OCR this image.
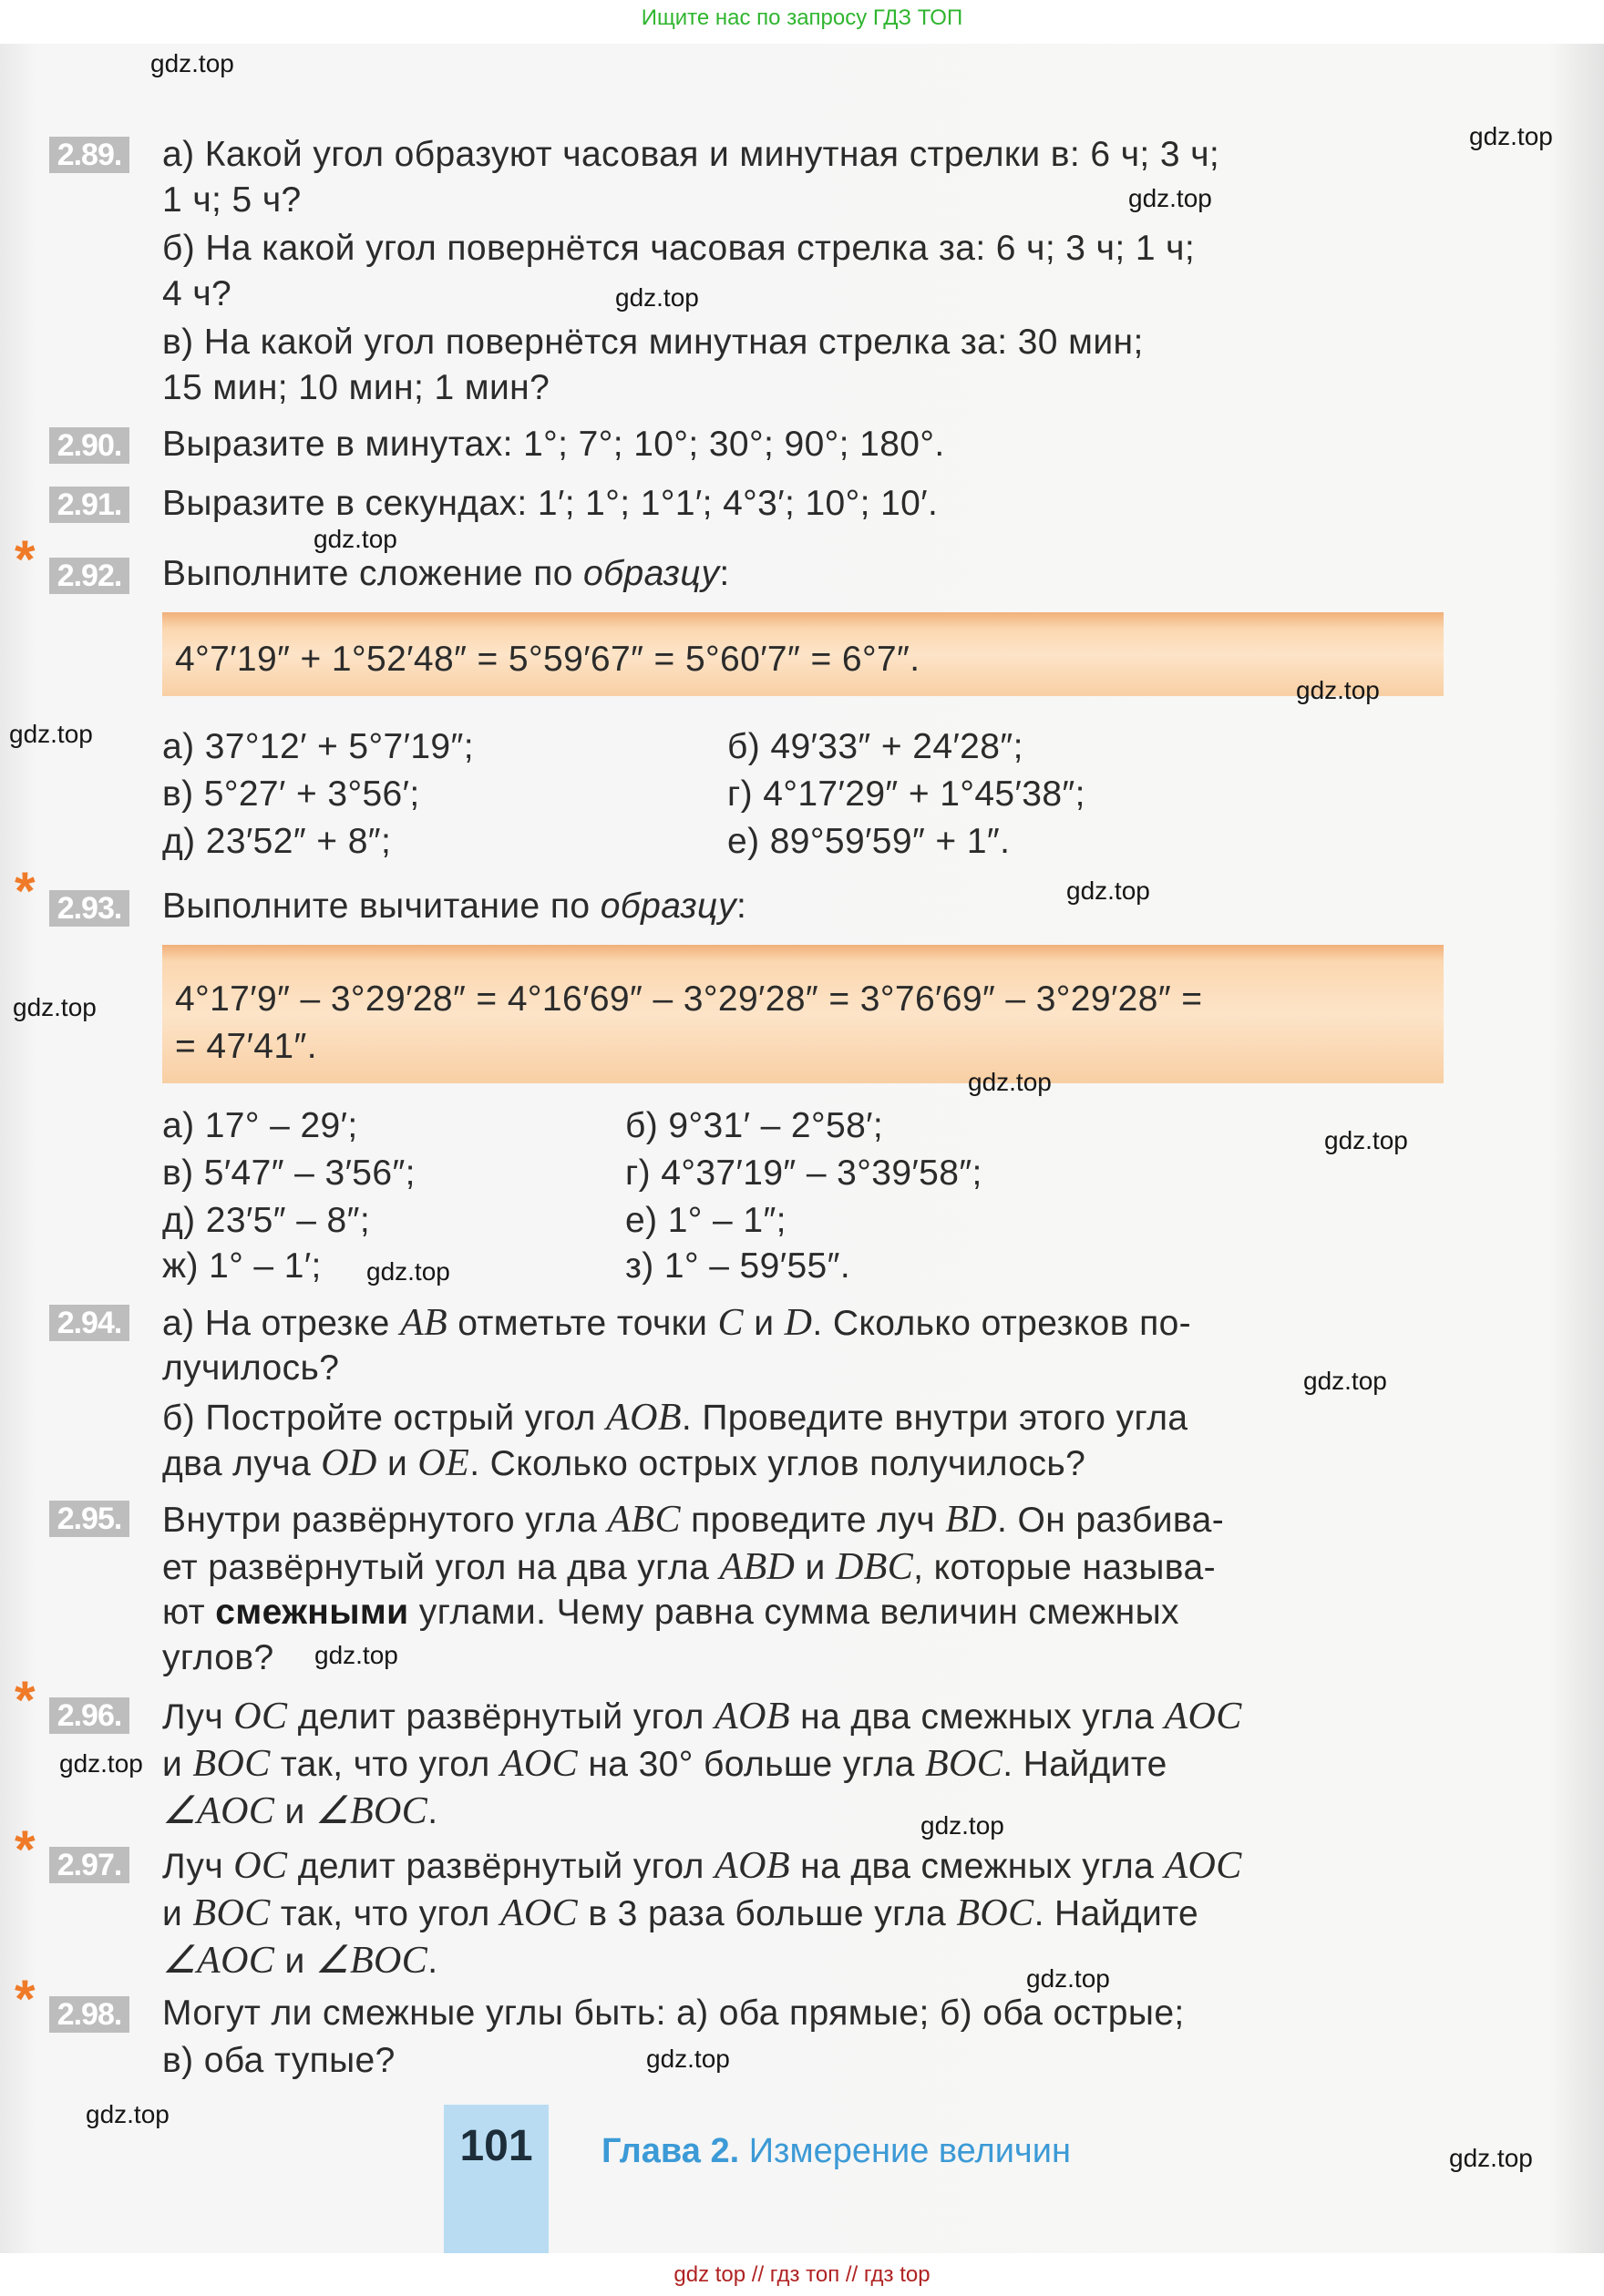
Ищите нас по запросу ГДЗ ТОП
gdz top // гдз топ // гдз top
2.89. а) Какой угол образуют часовая и минутная стрелки в: 6 ч; 3 ч;
1 ч; 5 ч?
б) На какой угол повернётся часовая стрелка за: 6 ч; 3 ч; 1 ч;
4 ч?
в) На какой угол повернётся минутная стрелка за: 30 мин;
15 мин; 10 мин; 1 мин?
2.90. Выразите в минутах: 1°; 7°; 10°; 30°; 90°; 180°.
2.91. Выразите в секундах: 1′; 1°; 1°1′; 4°3′; 10°; 10′.
* 2.92. Выполните сложение по образцу:
4°7′19″ + 1°52′48″ = 5°59′67″ = 5°60′7″ = 6°7″.
а) 37°12′ + 5°7′19″;	б) 49′33″ + 24′28″;
в) 5°27′ + 3°56′;	г) 4°17′29″ + 1°45′38″;
д) 23′52″ + 8″;	е) 89°59′59″ + 1″.
* 2.93. Выполните вычитание по образцу:
4°17′9″ – 3°29′28″ = 4°16′69″ – 3°29′28″ = 3°76′69″ – 3°29′28″ =
= 47′41″.
а) 17° – 29′;	б) 9°31′ – 2°58′;
в) 5′47″ – 3′56″;	г) 4°37′19″ – 3°39′58″;
д) 23′5″ – 8″;	е) 1° – 1″;
ж) 1° – 1′;	з) 1° – 59′55″.
2.94. а) На отрезке AB отметьте точки C и D. Сколько отрезков по-
лучилось?
б) Постройте острый угол AOB. Проведите внутри этого угла
два луча OD и OE. Сколько острых углов получилось?
2.95. Внутри развёрнутого угла ABC проведите луч BD. Он разбива-
ет развёрнутый угол на два угла ABD и DBC, которые называ-
ют смежными углами. Чему равна сумма величин смежных
углов?
* 2.96. Луч OC делит развёрнутый угол AOB на два смежных угла AOC
и BOC так, что угол AOC на 30° больше угла BOC. Найдите
∠AOC и ∠BOC.
* 2.97. Луч OC делит развёрнутый угол AOB на два смежных угла AOC
и BOC так, что угол AOC в 3 раза больше угла BOC. Найдите
∠AOC и ∠BOC.
* 2.98. Могут ли смежные углы быть: а) оба прямые; б) оба острые;
в) оба тупые?
101	Глава 2. Измерение величин
gdz.top
gdz.top
gdz.top
gdz.top
gdz.top
gdz.top
gdz.top
gdz.top
gdz.top
gdz.top
gdz.top
gdz.top
gdz.top
gdz.top
gdz.top
gdz.top
gdz.top
gdz.top
gdz.top
gdz.top
